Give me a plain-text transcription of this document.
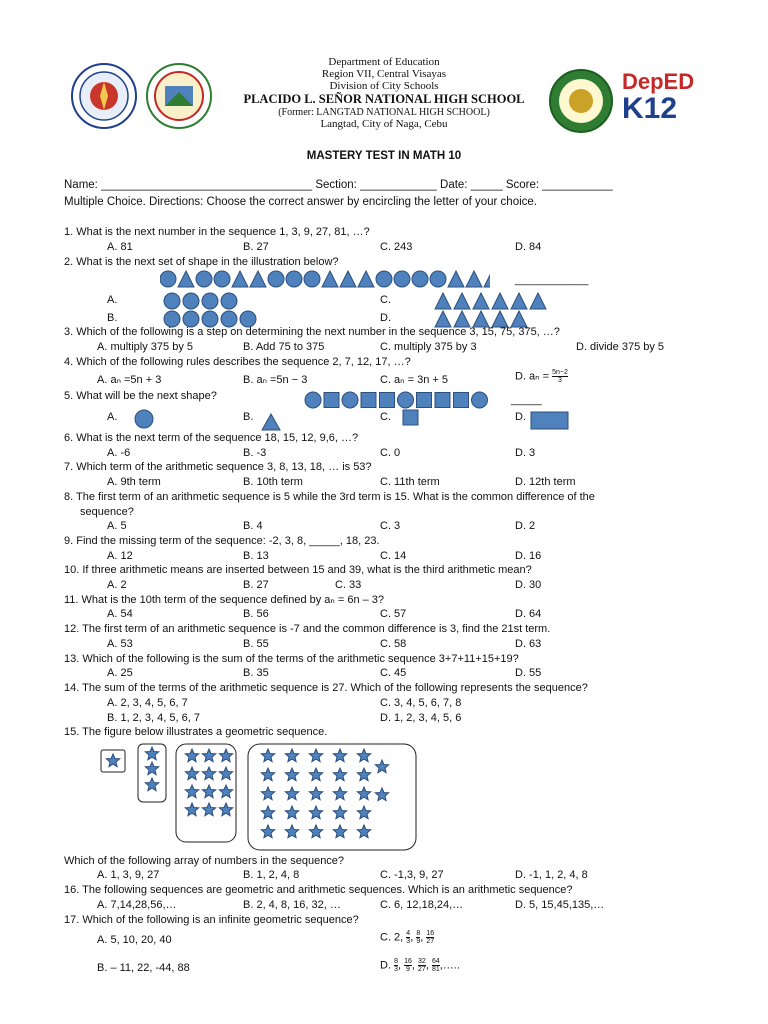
DepED
K12
Department of Education
Region VII, Central Visayas
Division of City Schools
PLACIDO L. SEÑOR NATIONAL HIGH SCHOOL
(Former: LANGTAD NATIONAL HIGH SCHOOL)
Langtad, City of Naga, Cebu
MASTERY TEST IN MATH 10
Name: _________________________________ Section: ____________ Date: _____ Score: ___________
Multiple Choice. Directions: Choose the correct answer by encircling the letter of your choice.
1. What is the next number in the sequence 1, 3, 9, 27, 81, …?
A. 81	B. 27	C. 243	D. 84
2. What is the next set of shape in the illustration below?
____________
A.
B.
C.
D.
3. Which of the following is a step on determining the next number in the sequence 3, 15, 75, 375, …?
A. multiply 375 by 5	B. Add 75 to 375	C. multiply 375 by 3	D. divide 375 by 5
4. Which of the following rules describes the sequence 2, 7, 12, 17, …?
A. aₙ =5n + 3	B. aₙ =5n − 3	C. aₙ = 3n + 5	D. $a_n = \frac{5n-2}{3}$
5. What will be the next shape?	_____
A.	B.	C.	D.
6. What is the next term of the sequence 18, 15, 12, 9,6, …?
A. -6	B. -3	C. 0	D. 3
7. Which term of the arithmetic sequence 3, 8, 13, 18, … is 53?
A. 9th term	B. 10th term	C. 11th term	D. 12th term
8. The first term of an arithmetic sequence is 5 while the 3rd term is 15. What is the common difference of the
sequence?
A. 5	B. 4	C. 3	D. 2
9. Find the missing term of the sequence: -2, 3, 8, _____, 18, 23.
A. 12	B. 13	C. 14	D. 16
10. If three arithmetic means are inserted between 15 and 39, what is the third arithmetic mean?
A. 2	B. 27	C. 33	D. 30
11. What is the 10th term of the sequence defined by aₙ = 6n – 3?
A. 54	B. 56	C. 57	D. 64
12. The first term of an arithmetic sequence is -7 and the common difference is 3, find the 21st term.
A. 53	B. 55	C. 58	D. 63
13. Which of the following is the sum of the terms of the arithmetic sequence 3+7+11+15+19?
A. 25	B. 35	C. 45	D. 55
14. The sum of the terms of the arithmetic sequence is 27. Which of the following represents the sequence?
A. 2, 3, 4, 5, 6, 7
B. 1, 2, 3, 4, 5, 6, 7
C. 3, 4, 5, 6, 7, 8
D. 1, 2, 3, 4, 5, 6
15. The figure below illustrates a geometric sequence.
Which of the following array of numbers in the sequence?
A. 1, 3, 9, 27	B. 1, 2, 4, 8	C. -1,3, 9, 27	D. -1, 1, 2, 4, 8
16. The following sequences are geometric and arithmetic sequences. Which is an arithmetic sequence?
A. 7,14,28,56,…	B. 2, 4, 8, 16, 32, …	C. 6, 12,18,24,…	D. 5, 15,45,135,…
17. Which of the following is an infinite geometric sequence?
A. 5, 10, 20, 40
B. – 11, 22, -44, 88
C. 2, $\frac{4}{3}$ , $\frac{8}{9}$ , $\frac{16}{27}$
D. $\frac{8}{3}$ , $\frac{16}{9}$ , $\frac{32}{27}$ , $\frac{64}{81}$ ,…..
